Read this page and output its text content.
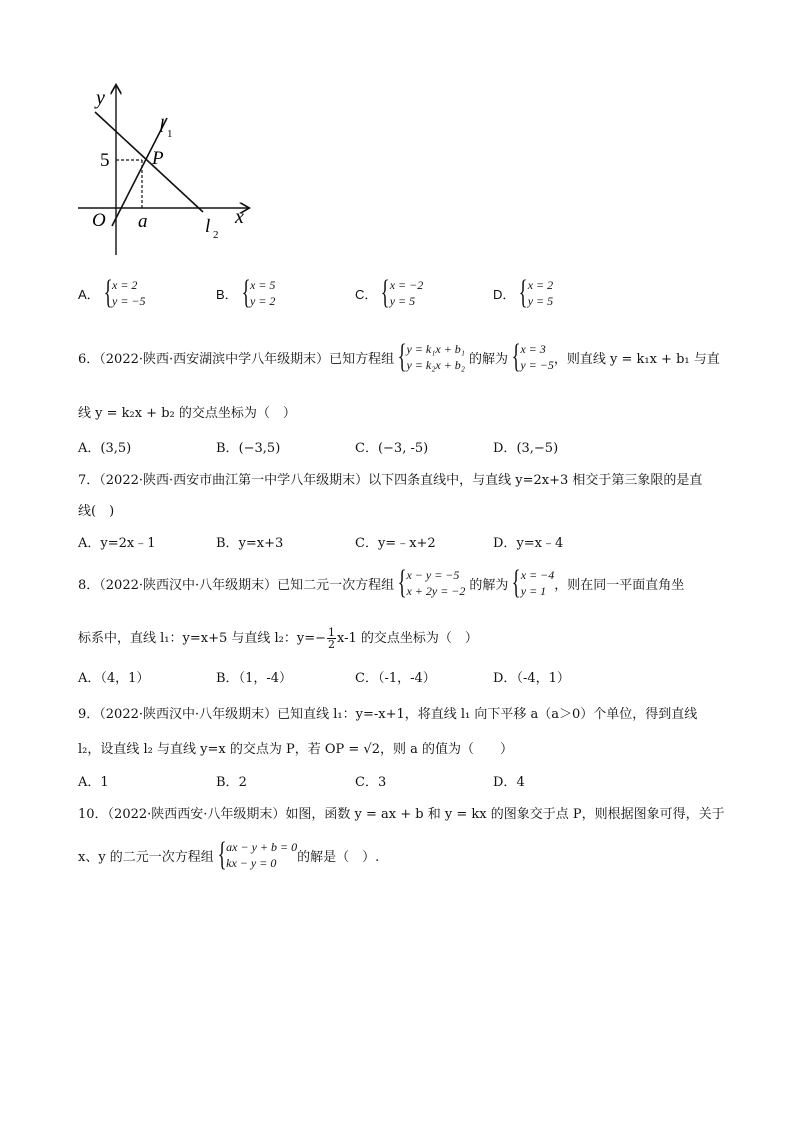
y
x
O
5
a
P
l 1
l 2
A． { x = 2
y = −5	B． { x = 5
y = 2	C． { x = −2
y = 5	D． { x = 2
y = 5
6．（2022·陕西·西安湖滨中学八年级期末）已知方程组 { y = k₁x + b₁
y = k₂x + b₂ 的解为 { x = 3
y = −5 ，则直线 y = k₁x + b₁ 与直
线 y = k₂x + b₂ 的交点坐标为（　）
A．(3,5)	B．(−3,5)	C．(−3, -5)	D．(3,−5)
7．（2022·陕西·西安市曲江第一中学八年级期末）以下四条直线中，与直线 y=2x+3 相交于第三象限的是直
线(　)
A．y=2x﹣1	B．y=x+3	C．y=﹣x+2	D．y=x﹣4
8．（2022·陕西汉中·八年级期末）已知二元一次方程组 { x − y = −5
x + 2y = −2 的解为 { x = −4
y = 1 ，则在同一平面直角坐
标系中，直线 l₁：y=x+5 与直线 l₂：$y=- \frac{1}{2} x-1$ 的交点坐标为（　）
A．（4，1）	B．（1，-4）	C．（-1，-4）	D．（-4，1）
9．（2022·陕西汉中·八年级期末）已知直线 l₁：y=-x+1，将直线 l₁ 向下平移 a（a＞0）个单位，得到直线
l₂，设直线 l₂ 与直线 y=x 的交点为 P，若 OP = √2，则 a 的值为（　　）
A．1	B．2	C．3	D．4
10．（2022·陕西西安·八年级期末）如图，函数 y = ax + b 和 y = kx 的图象交于点 P，则根据图象可得，关于
x、y 的二元一次方程组 { ax − y + b = 0
kx − y = 0	的解是（　）.
